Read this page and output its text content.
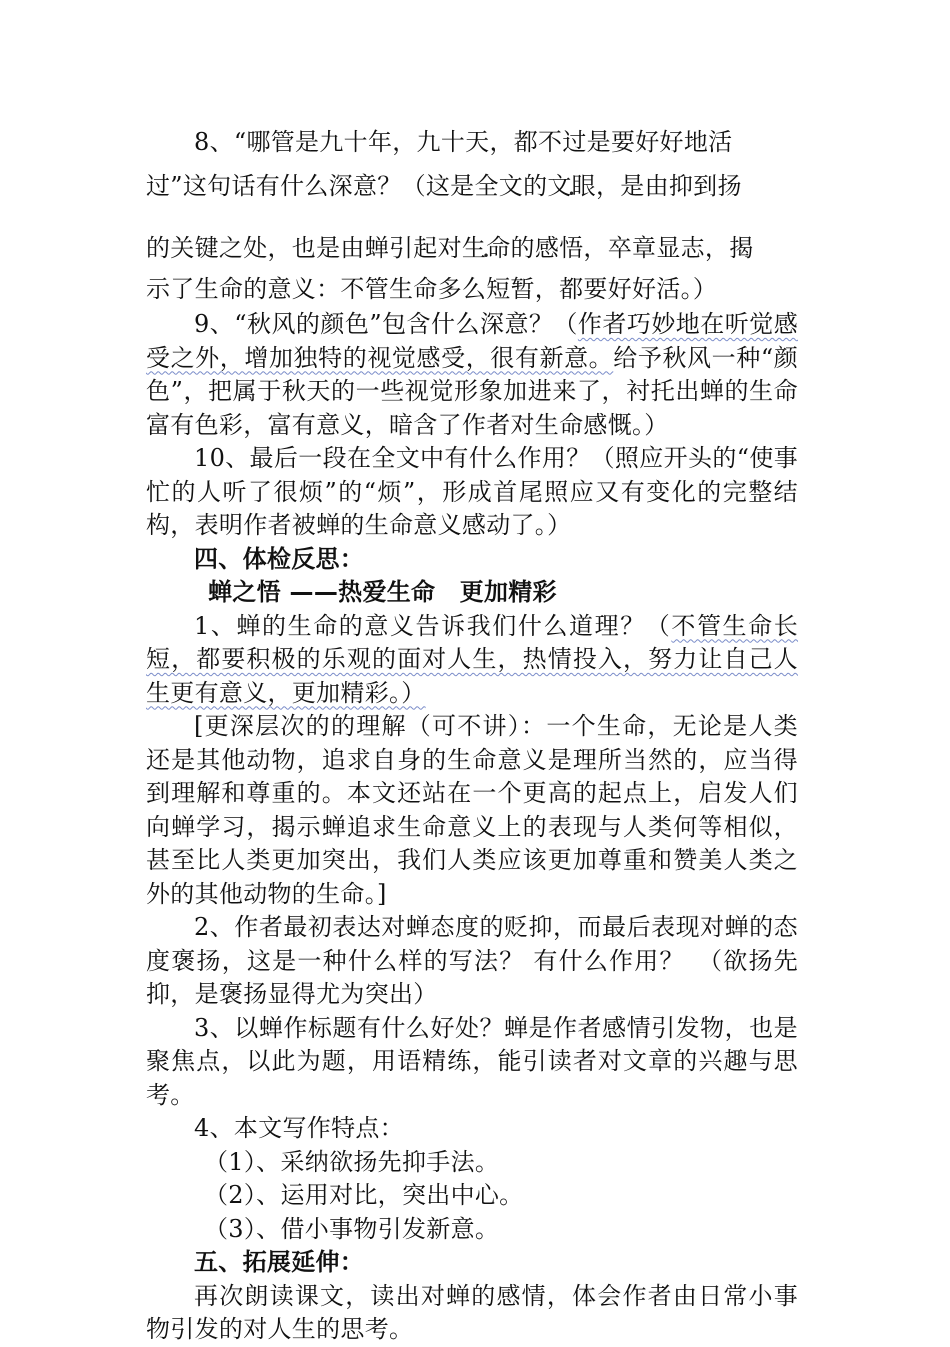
8、“哪管是九十年，九十天，都不过是要好好地活

过”这句话有什么深意？（这是全文的文眼，是由抑到扬

的关键之处，也是由蝉引起对生命的感悟，卒章显志，揭

示了生命的意义：不管生命多么短暂，都要好好活。）

9、“秋风的颜色”包含什么深意？（作者巧妙地在听觉感受之外，增加独特的视觉感受，很有新意。给予秋风一种“颜色”，把属于秋天的一些视觉形象加进来了，衬托出蝉的生命富有色彩，富有意义，暗含了作者对生命感慨。）

10、最后一段在全文中有什么作用？（照应开头的“使事忙的人听了很烦”的“烦”，形成首尾照应又有变化的完整结构，表明作者被蝉的生命意义感动了。）

四、体检反思：

蝉之悟 ——热爱生命　更加精彩

1、蝉的生命的意义告诉我们什么道理？（不管生命长短，都要积极的乐观的面对人生，热情投入，努力让自己人生更有意义，更加精彩。）

[更深层次的的理解（可不讲）：一个生命，无论是人类还是其他动物，追求自身的生命意义是理所当然的，应当得到理解和尊重的。本文还站在一个更高的起点上，启发人们向蝉学习，揭示蝉追求生命意义上的表现与人类何等相似，甚至比人类更加突出，我们人类应该更加尊重和赞美人类之外的其他动物的生命。]

2、作者最初表达对蝉态度的贬抑，而最后表现对蝉的态度褒扬，这是一种什么样的写法？ 有什么作用？　（欲扬先抑，是褒扬显得尤为突出）

3、以蝉作标题有什么好处？蝉是作者感情引发物，也是聚焦点，以此为题，用语精练，能引读者对文章的兴趣与思考。

4、本文写作特点：

（1）、采纳欲扬先抑手法。

（2）、运用对比，突出中心。

（3）、借小事物引发新意。

五、拓展延伸：

再次朗读课文，读出对蝉的感情，体会作者由日常小事物引发的对人生的思考。
